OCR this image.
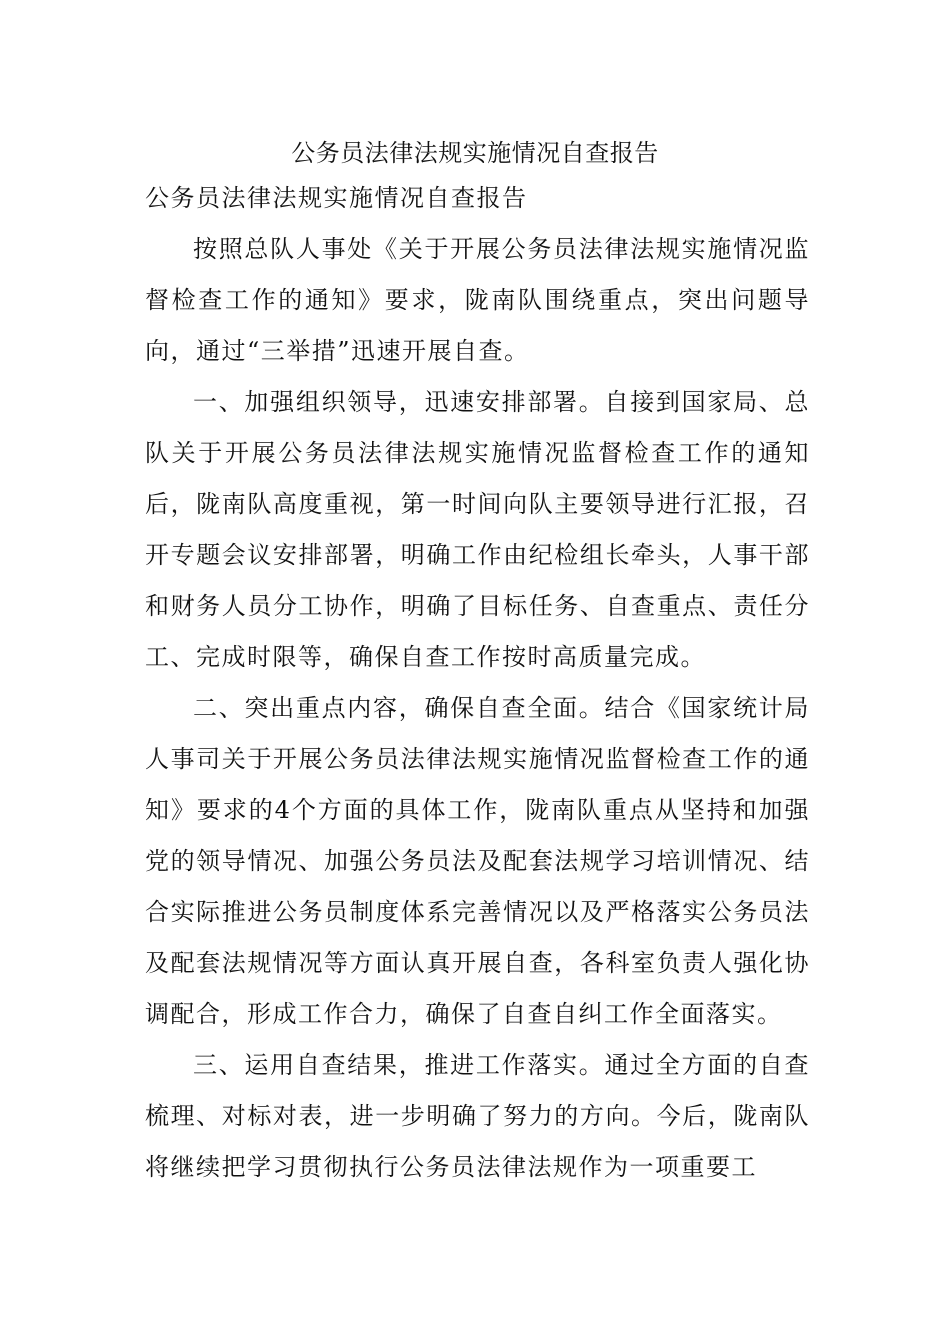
公务员法律法规实施情况自查报告

公务员法律法规实施情况自查报告

按照总队人事处《关于开展公务员法律法规实施情况监督检查工作的通知》要求，陇南队围绕重点，突出问题导向，通过“三举措”迅速开展自查。

一、加强组织领导，迅速安排部署。自接到国家局、总队关于开展公务员法律法规实施情况监督检查工作的通知后，陇南队高度重视，第一时间向队主要领导进行汇报，召开专题会议安排部署，明确工作由纪检组长牵头，人事干部和财务人员分工协作，明确了目标任务、自查重点、责任分工、完成时限等，确保自查工作按时高质量完成。

二、突出重点内容，确保自查全面。结合《国家统计局人事司关于开展公务员法律法规实施情况监督检查工作的通知》要求的4个方面的具体工作，陇南队重点从坚持和加强党的领导情况、加强公务员法及配套法规学习培训情况、结合实际推进公务员制度体系完善情况以及严格落实公务员法及配套法规情况等方面认真开展自查，各科室负责人强化协调配合，形成工作合力，确保了自查自纠工作全面落实。

三、运用自查结果，推进工作落实。通过全方面的自查梳理、对标对表，进一步明确了努力的方向。今后，陇南队将继续把学习贯彻执行公务员法律法规作为一项重要工
